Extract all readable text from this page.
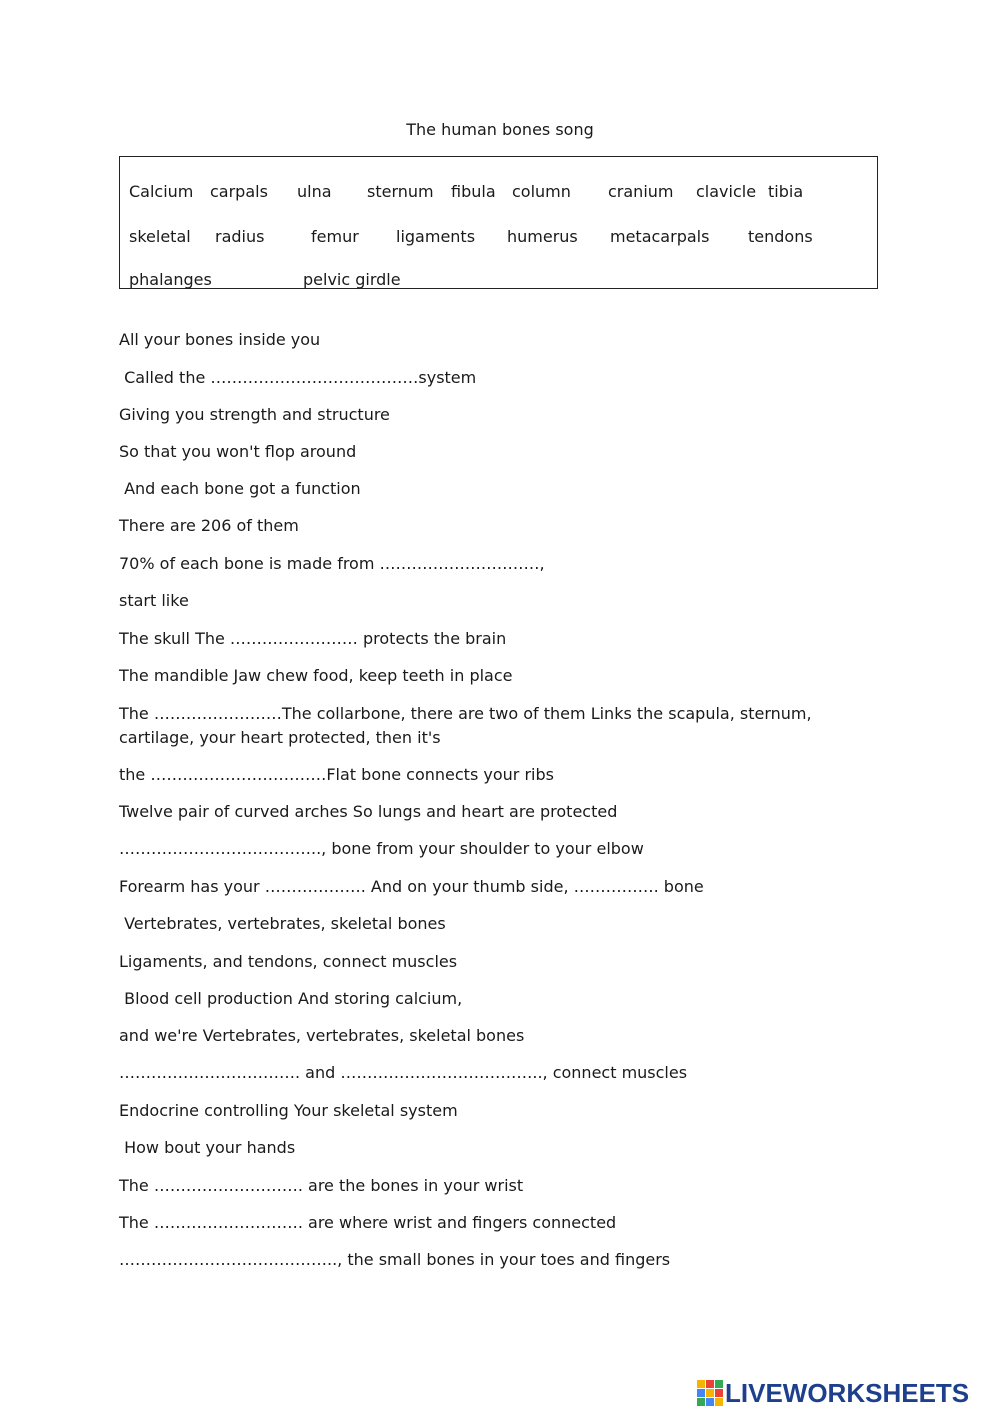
The human bones song
Calcium carpals ulna sternum fibula column cranium clavicle tibia
skeletal radius	femur ligaments humerus metacarpals tendons
phalanges	pelvic girdle
All your bones inside you
Called the …………………………………system
Giving you strength and structure
So that you won't flop around
And each bone got a function
There are 206 of them
70% of each bone is made from …………………………,
start like
The skull The …………………… protects the brain
The mandible Jaw chew food, keep teeth in place
The ……………………The collarbone, there are two of them Links the scapula, sternum, cartilage, your heart protected, then it's
the ……………………………Flat bone connects your ribs
Twelve pair of curved arches So lungs and heart are protected
……………………………….., bone from your shoulder to your elbow
Forearm has your ………………. And on your thumb side, ……………. bone
Vertebrates, vertebrates, skeletal bones
Ligaments, and tendons, connect muscles
Blood cell production And storing calcium,
and we're Vertebrates, vertebrates, skeletal bones
……………………………. and ……………………………….., connect muscles
Endocrine controlling Your skeletal system
How bout your hands
The ………………………. are the bones in your wrist
The ………………………. are where wrist and fingers connected
………………………………….., the small bones in your toes and fingers
LIVEWORKSHEETS
